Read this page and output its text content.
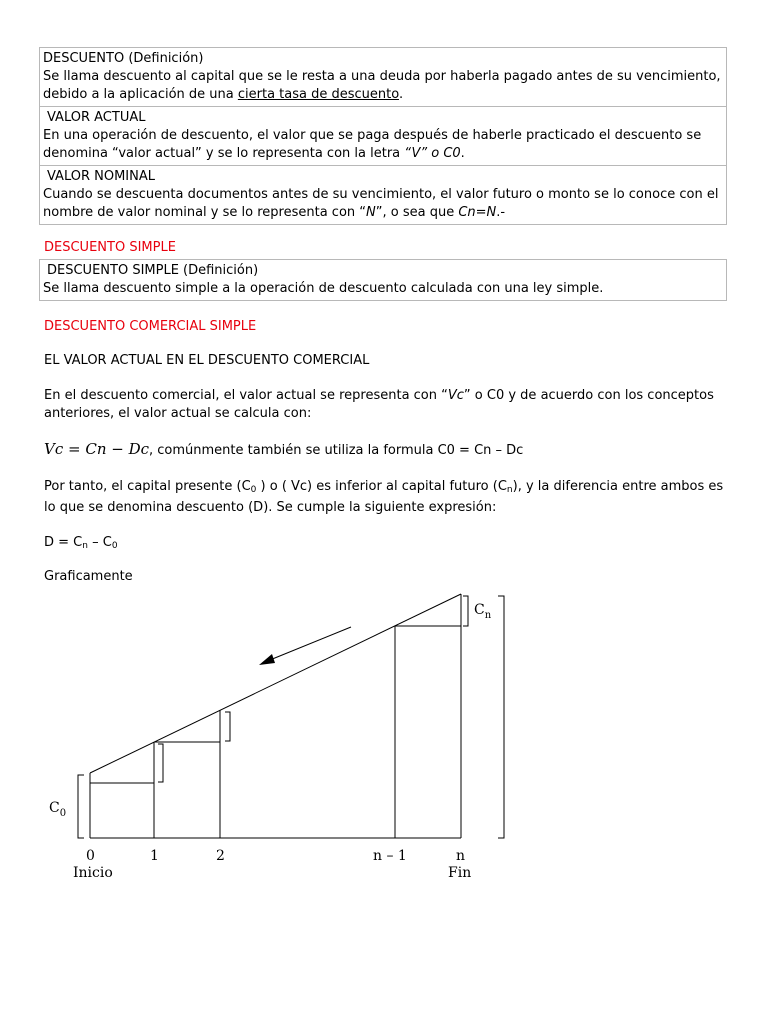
DESCUENTO (Definición)
Se llama descuento al capital que se le resta a una deuda por haberla pagado antes de su vencimiento, debido a la aplicación de una cierta tasa de descuento.
VALOR ACTUAL
En una operación de descuento, el valor que se paga después de haberle practicado el descuento se denomina “valor actual” y se lo representa con la letra “V” o C0.
VALOR NOMINAL
Cuando se descuenta documentos antes de su vencimiento, el valor futuro o monto se lo conoce con el nombre de valor nominal y se lo representa con “N”, o sea que Cn=N.-
DESCUENTO SIMPLE
DESCUENTO SIMPLE (Definición)
Se llama descuento simple a la operación de descuento calculada con una ley simple.
DESCUENTO COMERCIAL SIMPLE
EL VALOR ACTUAL EN EL DESCUENTO COMERCIAL
En el descuento comercial, el valor actual se representa con “Vc” o C0 y de acuerdo con los conceptos anteriores, el valor actual se calcula con:
Vc = Cn − Dc, comúnmente también se utiliza la formula C0 = Cn – Dc
Por tanto, el capital presente ($C_0$ ) o ( Vc) es inferior al capital futuro $(C_n)$, y la diferencia entre ambos es lo que se denomina descuento (D). Se cumple la siguiente expresión:
$D = C_n - C_0$
Graficamente
$C_n$
$C_0$
0	1	2	n – 1	n
Inicio	Fin
